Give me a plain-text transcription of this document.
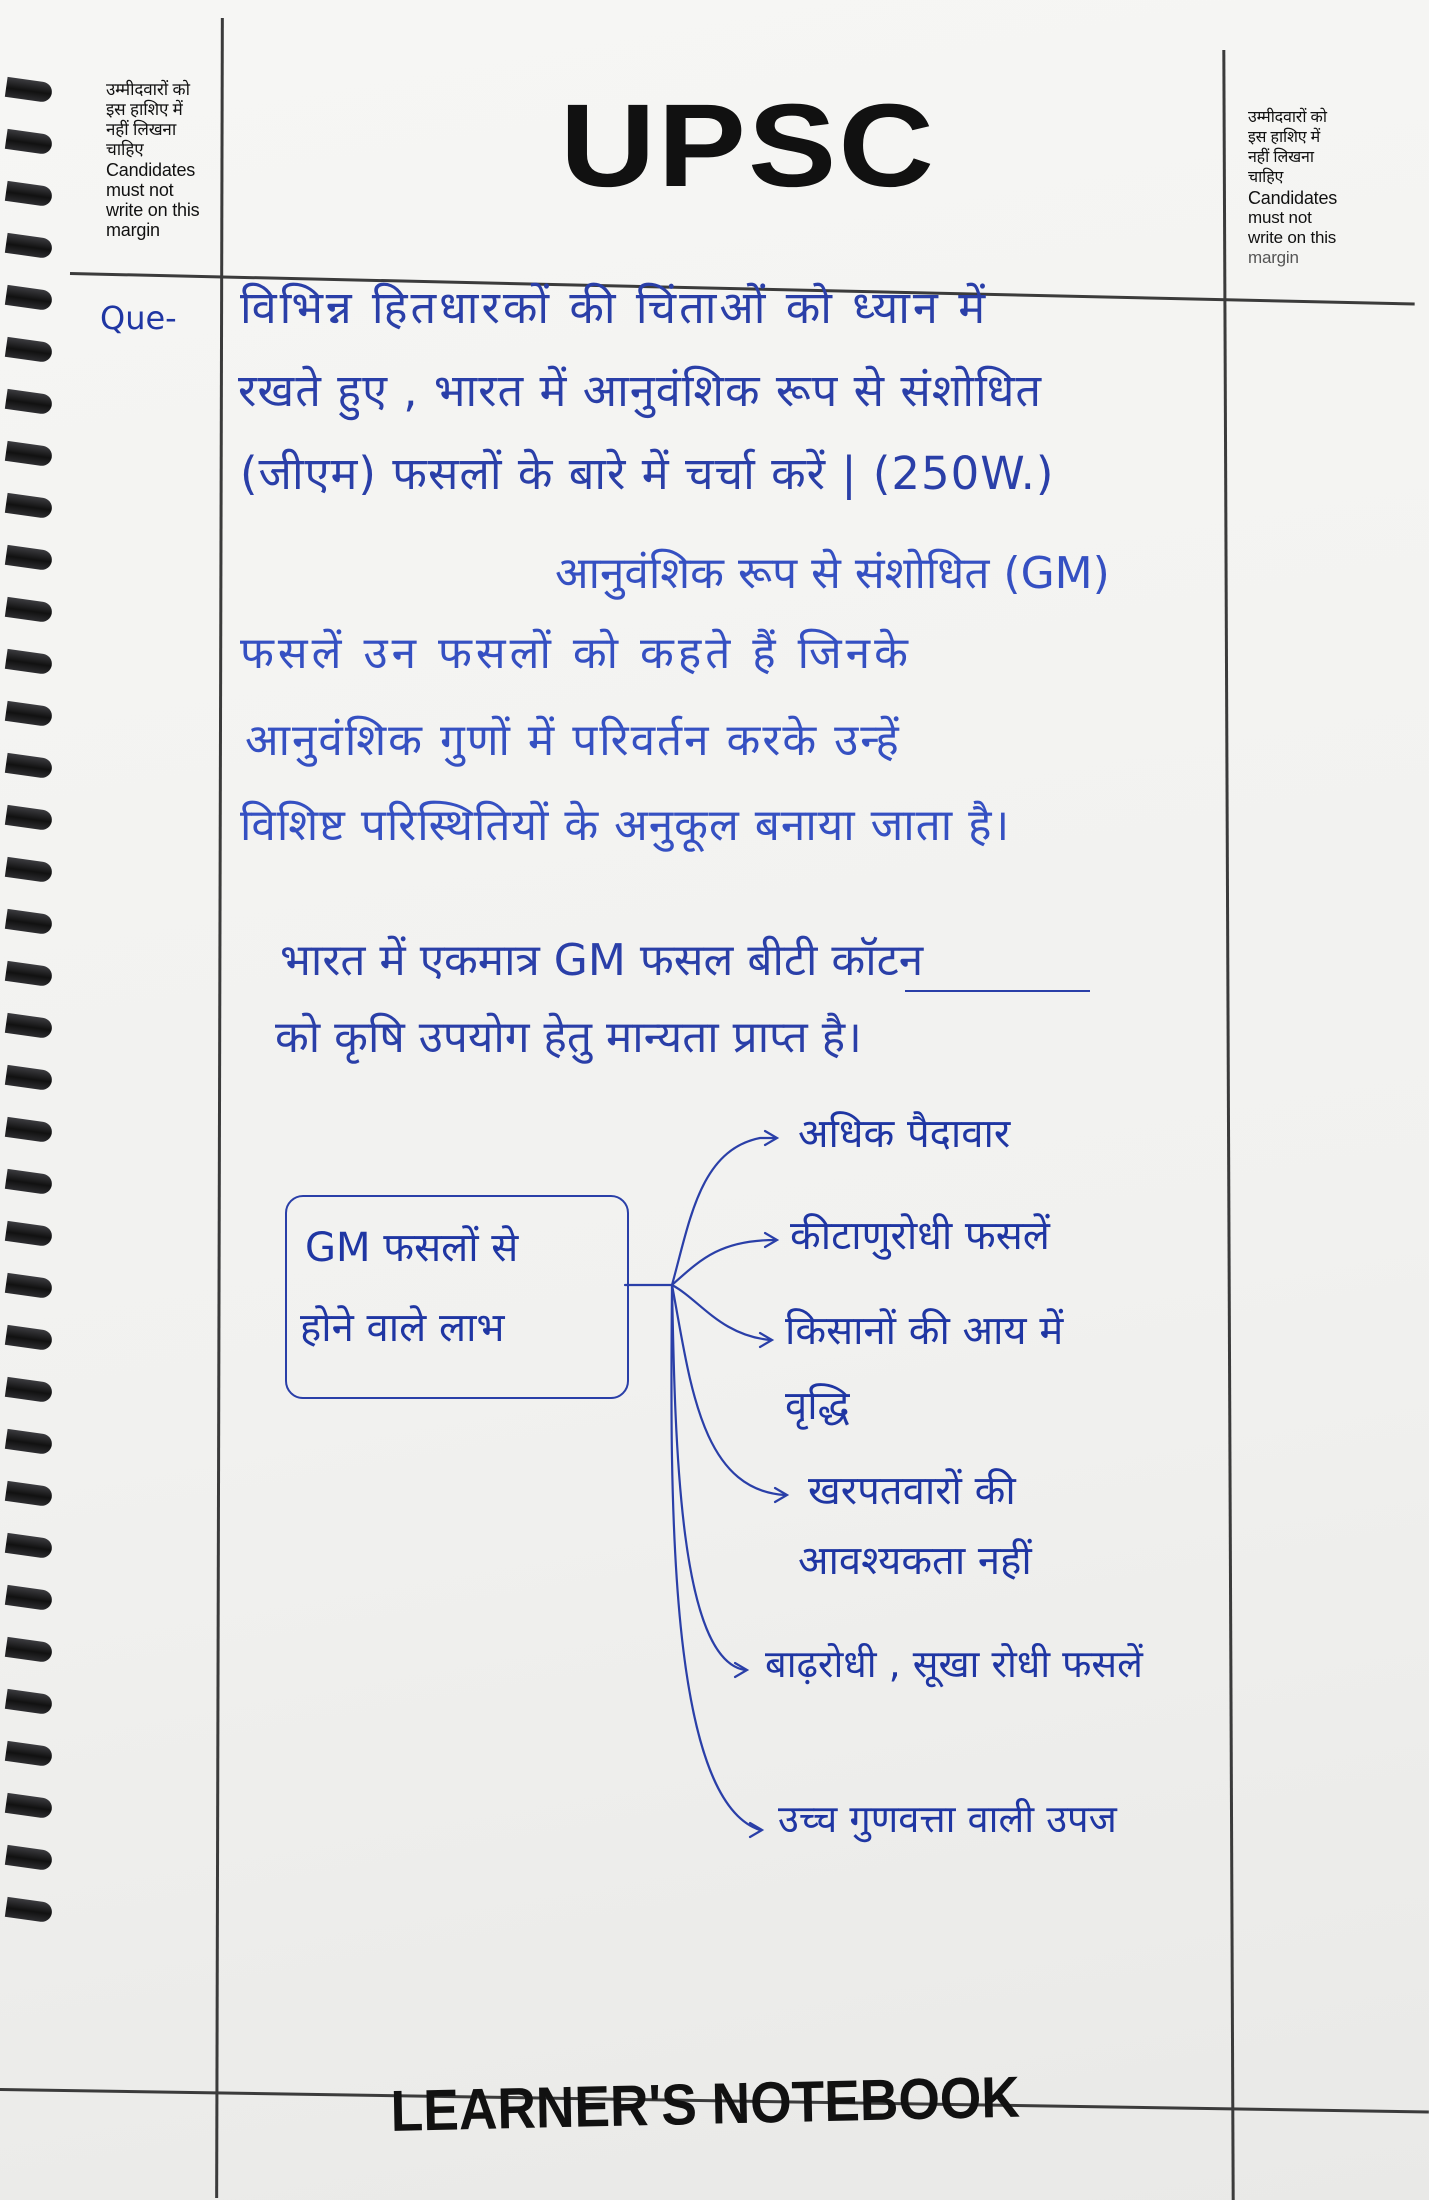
उम्मीदवारों को
इस हाशिए में
नहीं लिखना
चाहिए
Candidates
must not
write on this
margin
UPSC	उम्मीदवारों को
इस हाशिए में
नहीं लिखना
चाहिए
Candidates
must not
write on this
margin
Que- विभिन्न हितधारकों की चिंताओं को ध्यान में
रखते हुए , भारत में आनुवंशिक रूप से संशोधित
(जीएम) फसलों के बारे में चर्चा करें | (250W.)
आनुवंशिक रूप से संशोधित (GM)
फसलें उन फसलों को कहते हैं जिनके
आनुवंशिक गुणों में परिवर्तन करके उन्हें
विशिष्ट परिस्थितियों के अनुकूल बनाया जाता है।
भारत में एकमात्र GM फसल बीटी कॉटन
को कृषि उपयोग हेतु मान्यता प्राप्त है।
GM फसलों से
होने वाले लाभ
अधिक पैदावार
कीटाणुरोधी फसलें
किसानों की आय में
वृद्धि
खरपतवारों की
आवश्यकता नहीं
बाढ़रोधी , सूखा रोधी फसलें
उच्च गुणवत्ता वाली उपज
LEARNER'S NOTEBOOK
